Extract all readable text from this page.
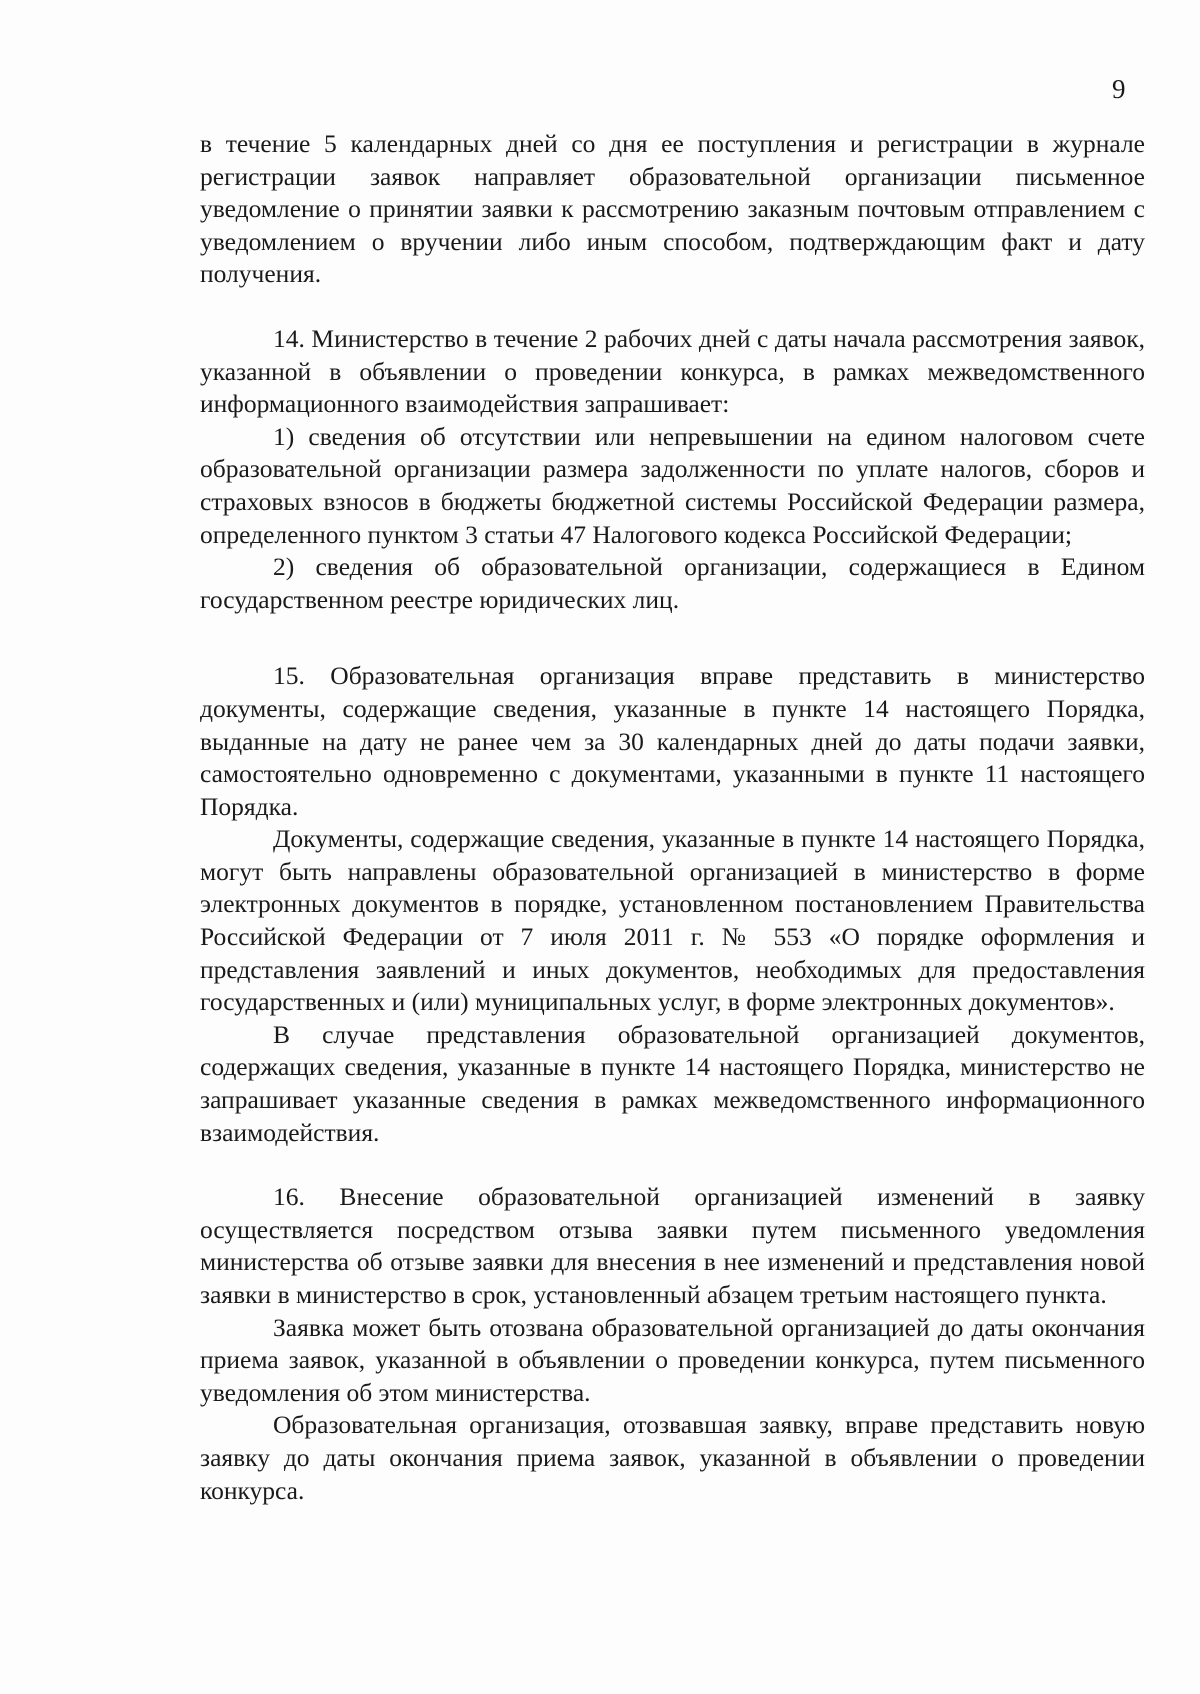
9

в течение 5 календарных дней со дня ее поступления и регистрации в журнале регистрации заявок направляет образовательной организации письменное уведомление о принятии заявки к рассмотрению заказным почтовым отправлением с уведомлением о вручении либо иным способом, подтверждающим факт и дату получения.

14. Министерство в течение 2 рабочих дней с даты начала рассмотрения заявок, указанной в объявлении о проведении конкурса, в рамках межведомственного информационного взаимодействия запрашивает:

1) сведения об отсутствии или непревышении на едином налоговом счете образовательной организации размера задолженности по уплате налогов, сборов и страховых взносов в бюджеты бюджетной системы Российской Федерации размера, определенного пунктом 3 статьи 47 Налогового кодекса Российской Федерации;

2) сведения об образовательной организации, содержащиеся в Едином государственном реестре юридических лиц.

15. Образовательная организация вправе представить в министерство документы, содержащие сведения, указанные в пункте 14 настоящего Порядка, выданные на дату не ранее чем за 30 календарных дней до даты подачи заявки, самостоятельно одновременно с документами, указанными в пункте 11 настоящего Порядка.

Документы, содержащие сведения, указанные в пункте 14 настоящего Порядка, могут быть направлены образовательной организацией в министерство в форме электронных документов в порядке, установленном постановлением Правительства Российской Федерации от 7 июля 2011 г. № 553 «О порядке оформления и представления заявлений и иных документов, необходимых для предоставления государственных и (или) муниципальных услуг, в форме электронных документов».

В случае представления образовательной организацией документов, содержащих сведения, указанные в пункте 14 настоящего Порядка, министерство не запрашивает указанные сведения в рамках межведомственного информационного взаимодействия.

16. Внесение образовательной организацией изменений в заявку осуществляется посредством отзыва заявки путем письменного уведомления министерства об отзыве заявки для внесения в нее изменений и представления новой заявки в министерство в срок, установленный абзацем третьим настоящего пункта.

Заявка может быть отозвана образовательной организацией до даты окончания приема заявок, указанной в объявлении о проведении конкурса, путем письменного уведомления об этом министерства.

Образовательная организация, отозвавшая заявку, вправе представить новую заявку до даты окончания приема заявок, указанной в объявлении о проведении конкурса.
